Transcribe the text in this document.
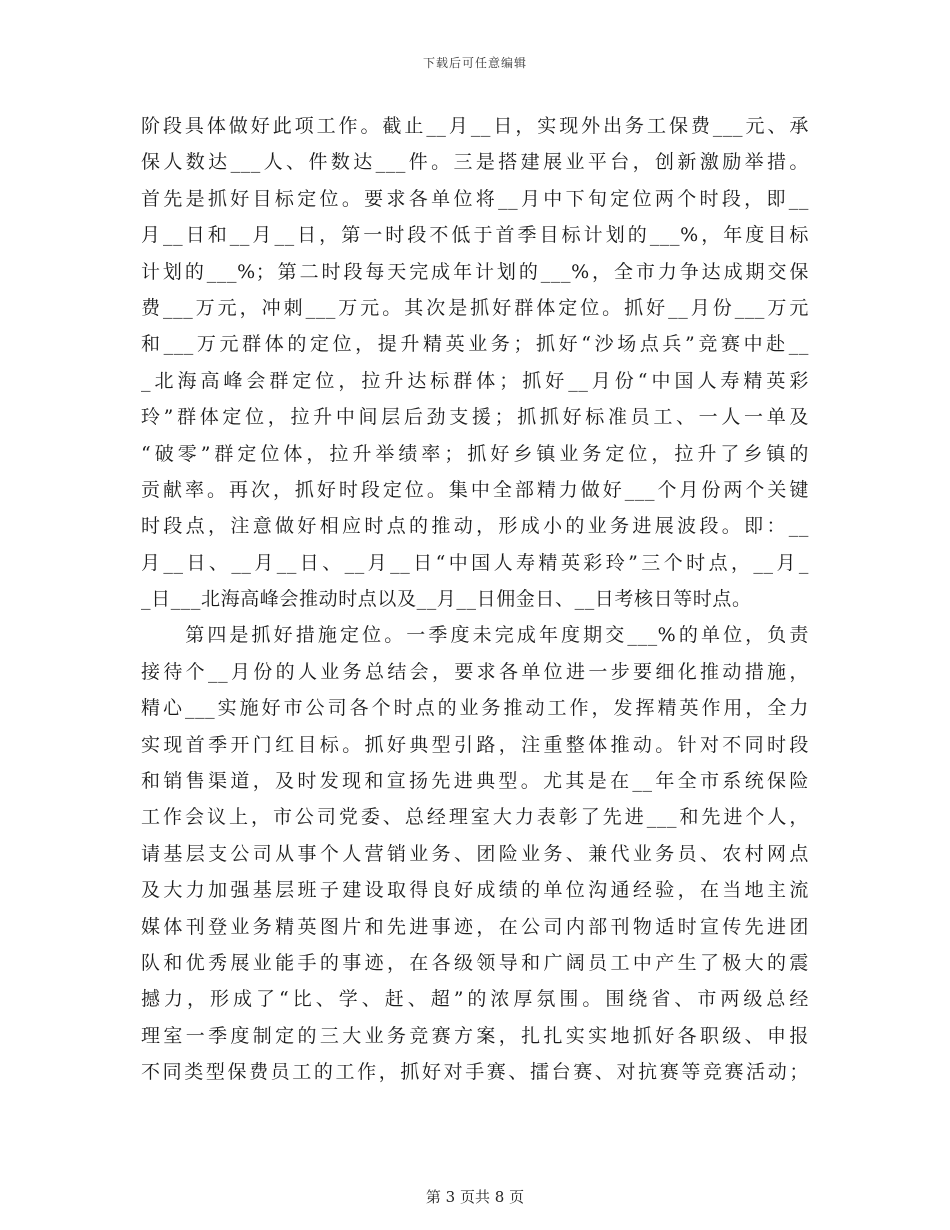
下载后可任意编辑
阶段具体做好此项工作。截止__月__日，实现外出务工保费___元、承
保人数达___人、件数达___件。三是搭建展业平台，创新激励举措。
首先是抓好目标定位。要求各单位将__月中下旬定位两个时段，即__
月__日和__月__日，第一时段不低于首季目标计划的___%，年度目标
计划的___%；第二时段每天完成年计划的___%，全市力争达成期交保
费___万元，冲刺___万元。其次是抓好群体定位。抓好__月份___万元
和___万元群体的定位，提升精英业务；抓好“沙场点兵”竞赛中赴__
_北海高峰会群定位，拉升达标群体；抓好__月份“中国人寿精英彩
玲”群体定位，拉升中间层后劲支援；抓抓好标准员工、一人一单及
“破零”群定位体，拉升举绩率；抓好乡镇业务定位，拉升了乡镇的
贡献率。再次，抓好时段定位。集中全部精力做好___个月份两个关键
时段点，注意做好相应时点的推动，形成小的业务进展波段。即：__
月__日、__月__日、__月__日“中国人寿精英彩玲”三个时点，__月_
_日___北海高峰会推动时点以及__月__日佣金日、__日考核日等时点。
　　第四是抓好措施定位。一季度未完成年度期交___%的单位，负责
接待个__月份的人业务总结会，要求各单位进一步要细化推动措施，
精心___实施好市公司各个时点的业务推动工作，发挥精英作用，全力
实现首季开门红目标。抓好典型引路，注重整体推动。针对不同时段
和销售渠道，及时发现和宣扬先进典型。尤其是在__年全市系统保险
工作会议上，市公司党委、总经理室大力表彰了先进___和先进个人，
请基层支公司从事个人营销业务、团险业务、兼代业务员、农村网点
及大力加强基层班子建设取得良好成绩的单位沟通经验，在当地主流
媒体刊登业务精英图片和先进事迹，在公司内部刊物适时宣传先进团
队和优秀展业能手的事迹，在各级领导和广阔员工中产生了极大的震
撼力，形成了“比、学、赶、超”的浓厚氛围。围绕省、市两级总经
理室一季度制定的三大业务竞赛方案，扎扎实实地抓好各职级、申报
不同类型保费员工的工作，抓好对手赛、擂台赛、对抗赛等竞赛活动；
第 3 页共 8 页
